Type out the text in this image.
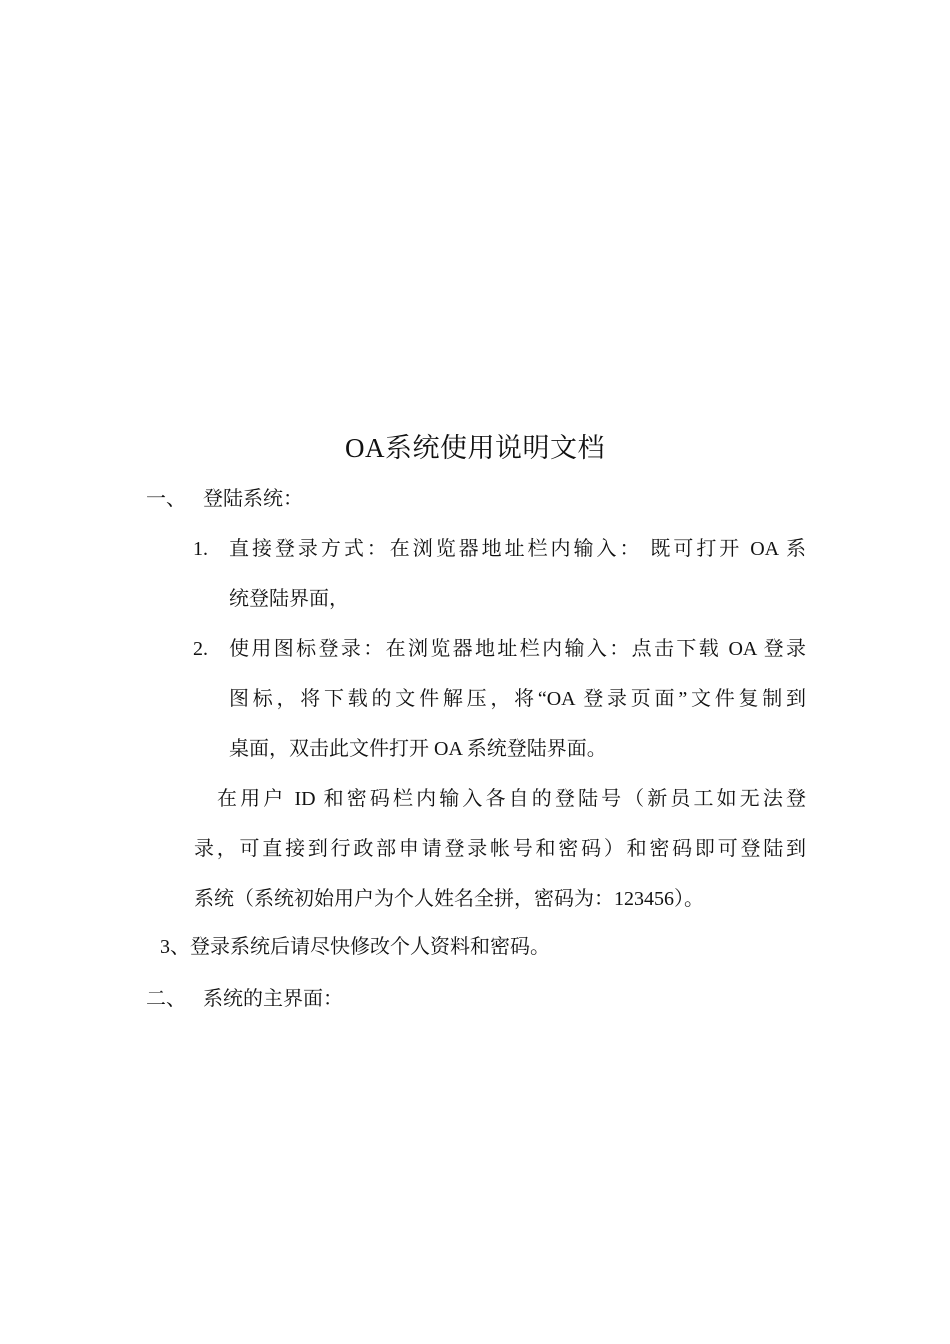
OA系统使用说明文档
一、 登陆系统：
1. 直接登录方式：在浏览器地址栏内输入： 既可打开 OA 系
统登陆界面，
2. 使用图标登录：在浏览器地址栏内输入：点击下载 OA 登录
图标，将下载的文件解压，将“OA 登录页面”文件复制到
桌面，双击此文件打开 OA 系统登陆界面。
在用户 ID 和密码栏内输入各自的登陆号（新员工如无法登
录，可直接到行政部申请登录帐号和密码）和密码即可登陆到
系统（系统初始用户为个人姓名全拼，密码为：123456）。
3、登录系统后请尽快修改个人资料和密码。
二、 系统的主界面：
